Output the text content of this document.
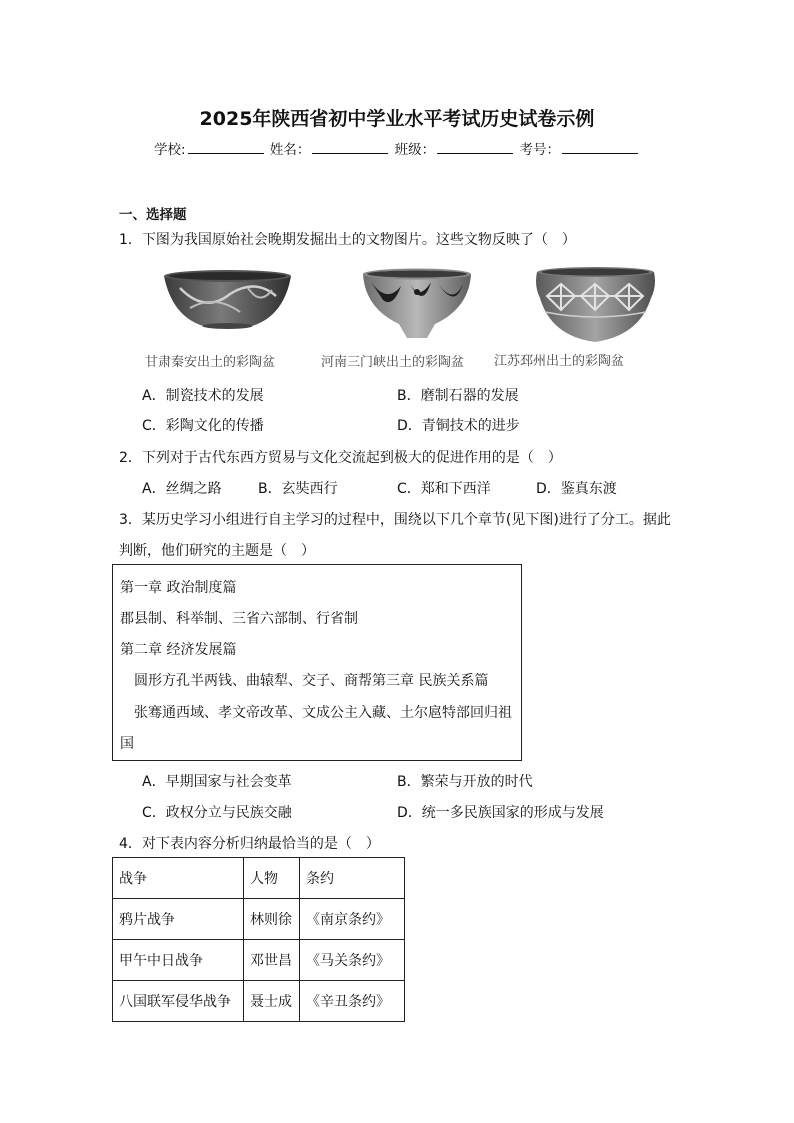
2025年陕西省初中学业水平考试历史试卷示例
学校:	姓名：	班级：	考号：
一、选择题
1．下图为我国原始社会晚期发掘出土的文物图片。这些文物反映了（　）
甘肃秦安出土的彩陶盆	河南三门峡出土的彩陶盆 江苏邳州出土的彩陶盆
A．制瓷技术的发展	B．磨制石器的发展
C．彩陶文化的传播	D．青铜技术的进步
2．下列对于古代东西方贸易与文化交流起到极大的促进作用的是（　）
A．丝绸之路	B．玄奘西行	C．郑和下西洋	D．鉴真东渡
3．某历史学习小组进行自主学习的过程中，围绕以下几个章节(见下图)进行了分工。据此
判断，他们研究的主题是（　）
第一章 政治制度篇
郡县制、科举制、三省六部制、行省制
第二章 经济发展篇
　圆形方孔半两钱、曲辕犁、交子、商帮第三章 民族关系篇
　张骞通西域、孝文帝改革、文成公主入藏、土尔扈特部回归祖
国
A．早期国家与社会变革	B．繁荣与开放的时代
C．政权分立与民族交融	D．统一多民族国家的形成与发展
4．对下表内容分析归纳最恰当的是（　）
战争	人物	条约
鸦片战争	林则徐	《南京条约》
甲午中日战争	邓世昌	《马关条约》
八国联军侵华战争	聂士成	《辛丑条约》
